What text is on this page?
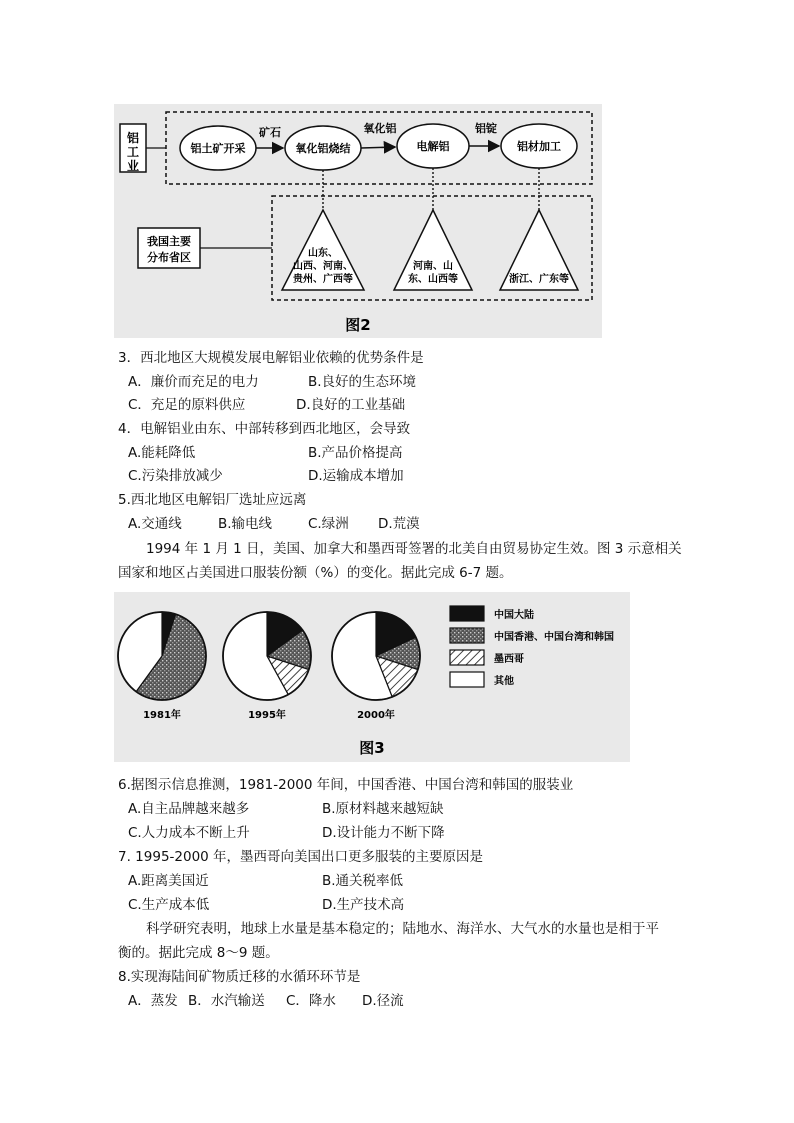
铝
工
业
铝土矿开采	氧化铝烧结	电解铝	铝材加工
矿石	氧化铝	铝锭
我国主要
分布省区	山东、
山西、河南、
贵州、广西等
河南、山
东、山西等	浙江、广东等
图2
3．西北地区大规模发展电解铝业依赖的优势条件是
A．廉价而充足的电力	B.良好的生态环境
C．充足的原料供应	D.良好的工业基础
4．电解铝业由东、中部转移到西北地区，会导致
A.能耗降低	B.产品价格提高
C.污染排放减少	D.运输成本增加
5.西北地区电解铝厂选址应远离
A.交通线	B.输电线	C.绿洲 D.荒漠
1994 年 1 月 1 日，美国、加拿大和墨西哥签署的北美自由贸易协定生效。图 3 示意相关
国家和地区占美国进口服装份额（%）的变化。据此完成 6-7 题。
1981年	1995年	2000年
中国大陆
中国香港、中国台湾和韩国
墨西哥
其他
图3
6.据图示信息推测，1981-2000 年间，中国香港、中国台湾和韩国的服装业
A.自主品牌越来越多	B.原材料越来越短缺
C.人力成本不断上升	D.设计能力不断下降
7. 1995-2000 年，墨西哥向美国出口更多服装的主要原因是
A.距离美国近	B.通关税率低
C.生产成本低	D.生产技术高
科学研究表明，地球上水量是基本稳定的；陆地水、海洋水、大气水的水量也是相于平
衡的。据此完成 8～9 题。
8.实现海陆间矿物质迁移的水循环环节是
A．蒸发 B．水汽输送 C．降水 D.径流
